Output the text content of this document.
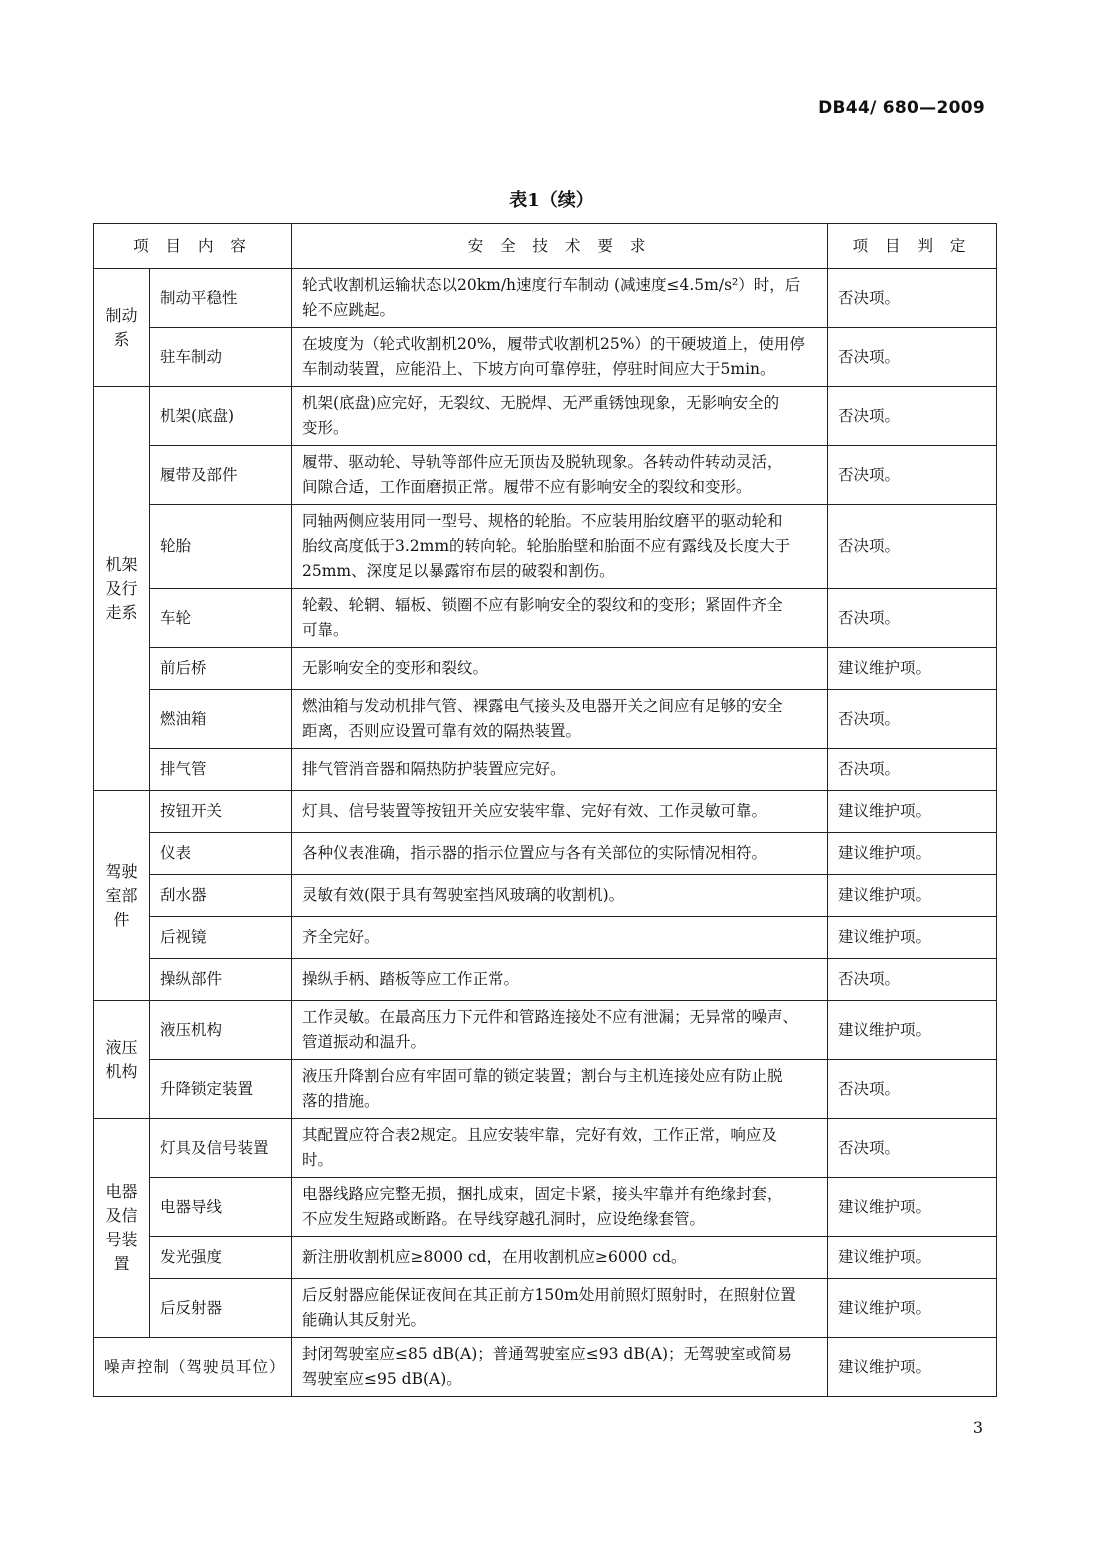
DB44/ 680—2009
表1（续）
项 目 内 容		安 全 技 术 要 求	项 目 判 定
制动
系	制动平稳性	轮式收割机运输状态以20km/h速度行车制动 (减速度≤4.5m/s²）时，后
轮不应跳起。	否决项。
	驻车制动	在坡度为（轮式收割机20%，履带式收割机25%）的干硬坡道上，使用停
车制动装置，应能沿上、下坡方向可靠停驻，停驻时间应大于5min。	否决项。
机架
及行
走系	机架(底盘)	机架(底盘)应完好，无裂纹、无脱焊、无严重锈蚀现象，无影响安全的
变形。	否决项。
	履带及部件	履带、驱动轮、导轨等部件应无顶齿及脱轨现象。各转动件转动灵活，
间隙合适，工作面磨损正常。履带不应有影响安全的裂纹和变形。	否决项。
	轮胎	同轴两侧应装用同一型号、规格的轮胎。不应装用胎纹磨平的驱动轮和
胎纹高度低于3.2mm的转向轮。轮胎胎壁和胎面不应有露线及长度大于
25mm、深度足以暴露帘布层的破裂和割伤。	否决项。
	车轮	轮毂、轮辋、辐板、锁圈不应有影响安全的裂纹和的变形；紧固件齐全
可靠。	否决项。
	前后桥	无影响安全的变形和裂纹。	建议维护项。
	燃油箱	燃油箱与发动机排气管、裸露电气接头及电器开关之间应有足够的安全
距离，否则应设置可靠有效的隔热装置。	否决项。
	排气管	排气管消音器和隔热防护装置应完好。	否决项。
驾驶
室部
件	按钮开关	灯具、信号装置等按钮开关应安装牢靠、完好有效、工作灵敏可靠。	建议维护项。
	仪表	各种仪表准确，指示器的指示位置应与各有关部位的实际情况相符。	建议维护项。
	刮水器	灵敏有效(限于具有驾驶室挡风玻璃的收割机)。	建议维护项。
	后视镜	齐全完好。	建议维护项。
	操纵部件	操纵手柄、踏板等应工作正常。	否决项。
液压
机构	液压机构	工作灵敏。在最高压力下元件和管路连接处不应有泄漏；无异常的噪声、
管道振动和温升。	建议维护项。
	升降锁定装置	液压升降割台应有牢固可靠的锁定装置；割台与主机连接处应有防止脱
落的措施。	否决项。
电器
及信
号装
置	灯具及信号装置	其配置应符合表2规定。且应安装牢靠，完好有效，工作正常，响应及
时。	否决项。
	电器导线	电器线路应完整无损，捆扎成束，固定卡紧，接头牢靠并有绝缘封套，
不应发生短路或断路。在导线穿越孔洞时，应设绝缘套管。	建议维护项。
	发光强度	新注册收割机应≥8000 cd，在用收割机应≥6000 cd。	建议维护项。
	后反射器	后反射器应能保证夜间在其正前方150m处用前照灯照射时，在照射位置
能确认其反射光。	建议维护项。
噪声控制（驾驶员耳位）		封闭驾驶室应≤85 dB(A)；普通驾驶室应≤93 dB(A)；无驾驶室或简易
驾驶室应≤95 dB(A)。	建议维护项。
3
